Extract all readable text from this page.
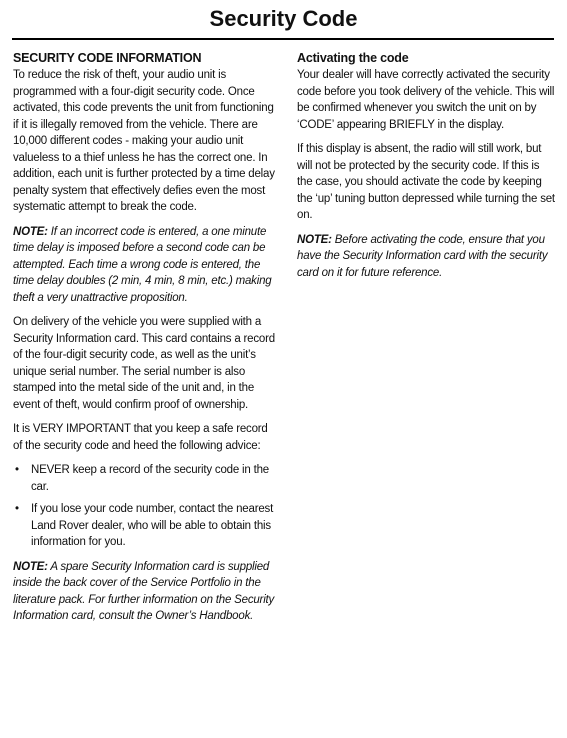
Security Code
SECURITY CODE INFORMATION

To reduce the risk of theft, your audio unit is programmed with a four-digit security code. Once activated, this code prevents the unit from functioning if it is illegally removed from the vehicle. There are 10,000 different codes - making your audio unit valueless to a thief unless he has the correct one. In addition, each unit is further protected by a time delay penalty system that effectively defies even the most systematic attempt to break the code.

NOTE: If an incorrect code is entered, a one minute time delay is imposed before a second code can be attempted. Each time a wrong code is entered, the time delay doubles (2 min, 4 min, 8 min, etc.) making theft a very unattractive proposition.

On delivery of the vehicle you were supplied with a Security Information card. This card contains a record of the four-digit security code, as well as the unit’s unique serial number. The serial number is also stamped into the metal side of the unit and, in the event of theft, would confirm proof of ownership.

It is VERY IMPORTANT that you keep a safe record of the security code and heed the following advice:

• NEVER keep a record of the security code in the car.
• If you lose your code number, contact the nearest Land Rover dealer, who will be able to obtain this information for you.

NOTE: A spare Security Information card is supplied inside the back cover of the Service Portfolio in the literature pack. For further information on the Security Information card, consult the Owner’s Handbook.

Activating the code

Your dealer will have correctly activated the security code before you took delivery of the vehicle. This will be confirmed whenever you switch the unit on by ‘CODE’ appearing BRIEFLY in the display.

If this display is absent, the radio will still work, but will not be protected by the security code. If this is the case, you should activate the code by keeping the ‘up’ tuning button depressed while turning the set on.

NOTE: Before activating the code, ensure that you have the Security Information card with the security card on it for future reference.
